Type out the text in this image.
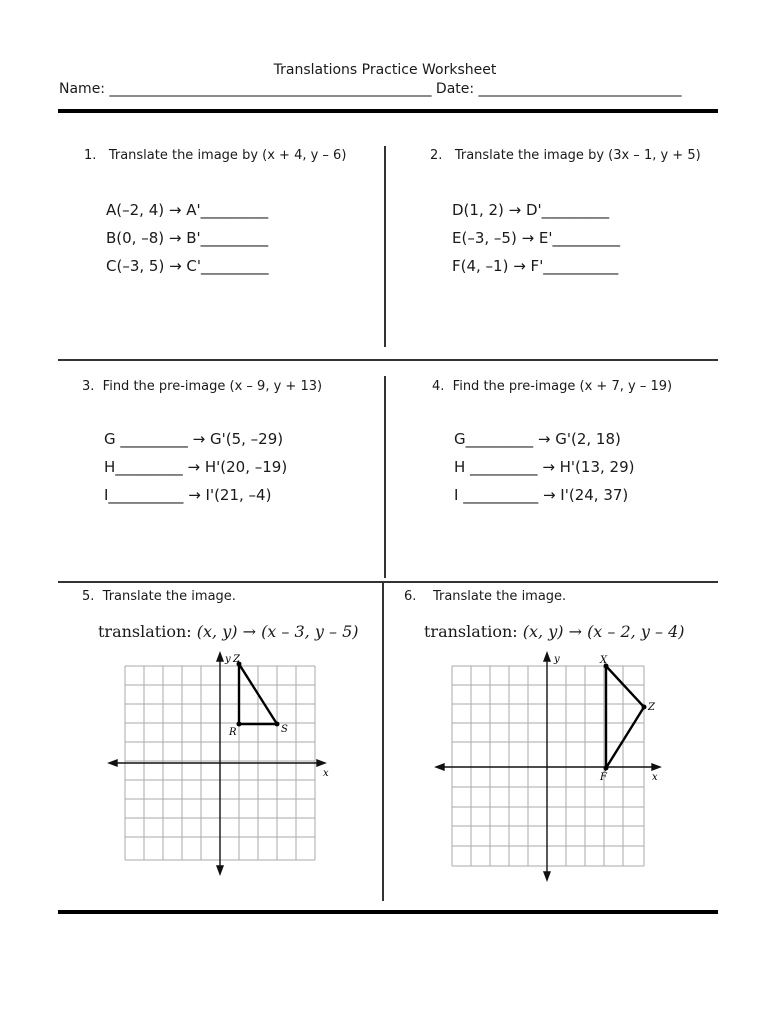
Translations Practice Worksheet
Name: ______________________________________________ Date: _____________________________
1. Translate the image by (x + 4, y – 6)
A(–2, 4) → A'_________
B(0, –8) → B'_________
C(–3, 5) → C'_________
2. Translate the image by (3x – 1, y + 5)
D(1, 2) → D'_________
E(–3, –5) → E'_________
F(4, –1) → F'__________
3. Find the pre-image (x – 9, y + 13)
G _________ → G'(5, –29)
H_________ → H'(20, –19)
I__________ → I'(21, –4)
4. Find the pre-image (x + 7, y – 19)
G_________ → G'(2, 18)
H _________ → H'(13, 29)
I __________ → I'(24, 37)
5. Translate the image.
translation: (x, y) → (x – 3, y – 5)
y
x
Z
R	S
6. Translate the image.
translation: (x, y) → (x – 2, y – 4)
y
x
X
Z
F
